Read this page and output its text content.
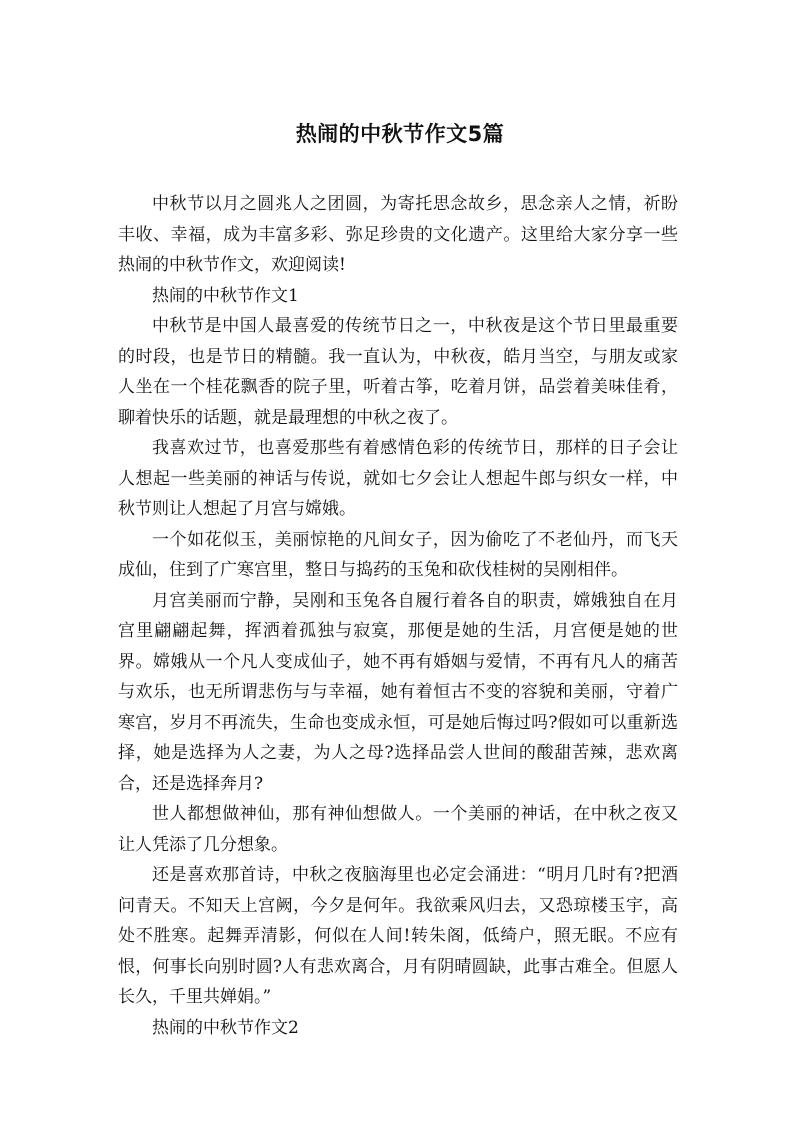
热闹的中秋节作文5篇

中秋节以月之圆兆人之团圆，为寄托思念故乡，思念亲人之情，祈盼丰收、幸福，成为丰富多彩、弥足珍贵的文化遗产。这里给大家分享一些热闹的中秋节作文，欢迎阅读!

热闹的中秋节作文1

中秋节是中国人最喜爱的传统节日之一，中秋夜是这个节日里最重要的时段，也是节日的精髓。我一直认为，中秋夜，皓月当空，与朋友或家人坐在一个桂花飘香的院子里，听着古筝，吃着月饼，品尝着美味佳肴，聊着快乐的话题，就是最理想的中秋之夜了。

我喜欢过节，也喜爱那些有着感情色彩的传统节日，那样的日子会让人想起一些美丽的神话与传说，就如七夕会让人想起牛郎与织女一样，中秋节则让人想起了月宫与嫦娥。

一个如花似玉，美丽惊艳的凡间女子，因为偷吃了不老仙丹，而飞天成仙，住到了广寒宫里，整日与捣药的玉兔和砍伐桂树的吴刚相伴。

月宫美丽而宁静，吴刚和玉兔各自履行着各自的职责，嫦娥独自在月宫里翩翩起舞，挥洒着孤独与寂寞，那便是她的生活，月宫便是她的世界。嫦娥从一个凡人变成仙子，她不再有婚姻与爱情，不再有凡人的痛苦与欢乐，也无所谓悲伤与与幸福，她有着恒古不变的容貌和美丽，守着广寒宫，岁月不再流失，生命也变成永恒，可是她后悔过吗?假如可以重新选择，她是选择为人之妻，为人之母?选择品尝人世间的酸甜苦辣，悲欢离合，还是选择奔月?

世人都想做神仙，那有神仙想做人。一个美丽的神话，在中秋之夜又让人凭添了几分想象。

还是喜欢那首诗，中秋之夜脑海里也必定会涌进：“明月几时有?把酒问青天。不知天上宫阙，今夕是何年。我欲乘风归去，又恐琼楼玉宇，高处不胜寒。起舞弄清影，何似在人间!转朱阁，低绮户，照无眠。不应有恨，何事长向别时圆?人有悲欢离合，月有阴晴圆缺，此事古难全。但愿人长久，千里共婵娟。”

热闹的中秋节作文2
